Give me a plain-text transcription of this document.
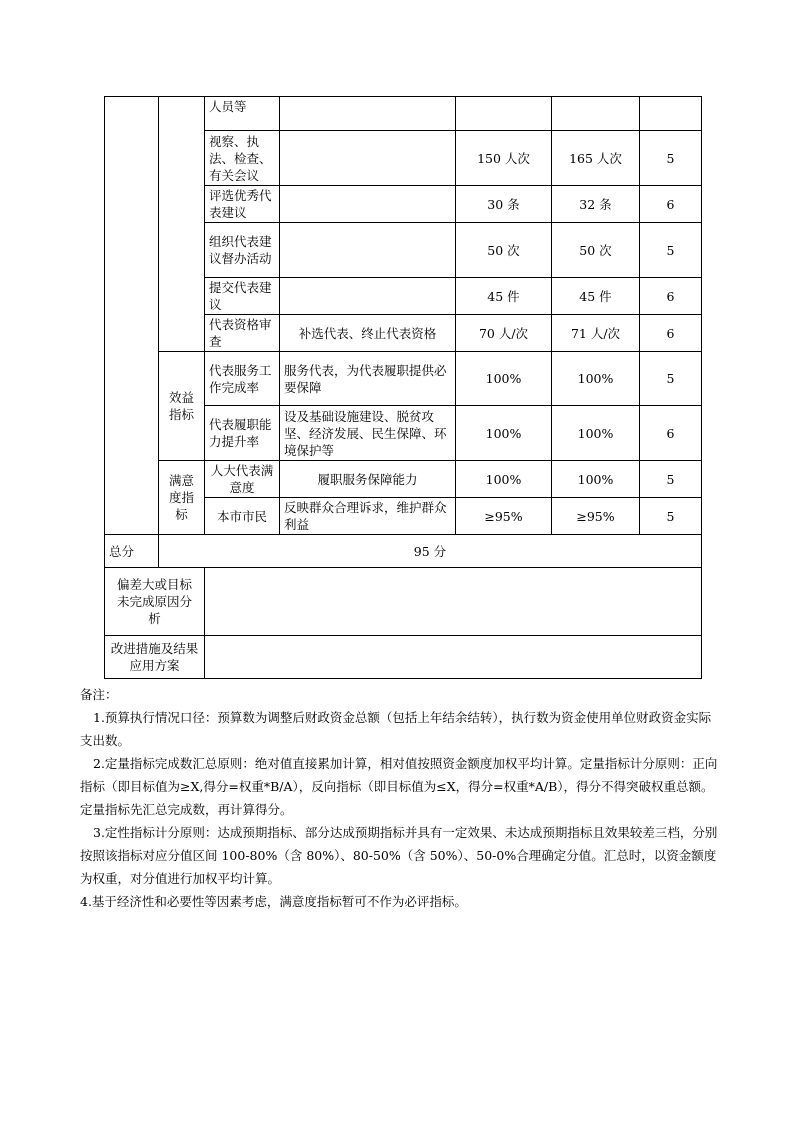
		人员等				
		视察、执法、检查、有关会议		150 人次	165 人次	5
		评选优秀代表建议		30 条	32 条	6
		组织代表建议督办活动		50 次	50 次	5
		提交代表建议		45 件	45 件	6
		代表资格审查	补选代表、终止代表资格	70 人/次	71 人/次	6
	效益指标	代表服务工作完成率	服务代表，为代表履职提供必要保障	100%	100%	5
		代表履职能力提升率	设及基础设施建设、脱贫攻坚、经济发展、民生保障、环境保护等	100%	100%	6
	满意度指标	人大代表满意度	履职服务保障能力	100%	100%	5
		本市市民	反映群众合理诉求，维护群众利益	≥95%	≥95%	5
总分	95 分					
偏差大或目标未完成原因分析						
改进措施及结果应用方案						

备注：

1.预算执行情况口径：预算数为调整后财政资金总额（包括上年结余结转），执行数为资金使用单位财政资金实际支出数。

2.定量指标完成数汇总原则：绝对值直接累加计算，相对值按照资金额度加权平均计算。定量指标计分原则：正向指标（即目标值为≥X,得分=权重*B/A），反向指标（即目标值为≤X，得分=权重*A/B），得分不得突破权重总额。定量指标先汇总完成数，再计算得分。

3.定性指标计分原则：达成预期指标、部分达成预期指标并具有一定效果、未达成预期指标且效果较差三档，分别按照该指标对应分值区间 100-80%（含 80%）、80-50%（含 50%）、50-0%合理确定分值。汇总时，以资金额度为权重，对分值进行加权平均计算。

4.基于经济性和必要性等因素考虑，满意度指标暂可不作为必评指标。
